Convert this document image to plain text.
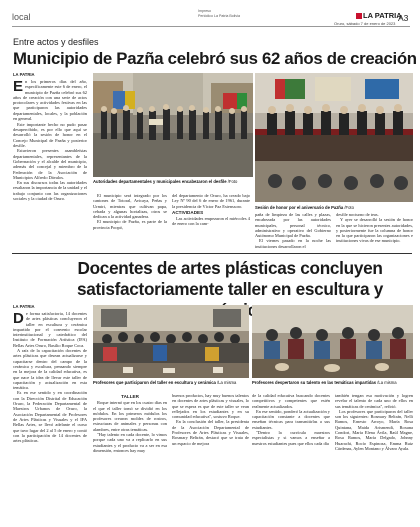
local
Impreso
Periódico La Patria Bolivia	LA PATRIA
A3
Oruro, sábado 7 de enero de 2023
Entre actos y desfiles
Municipio de Pazña celebró sus 62 años de creación
LA PATRIA
En los primeros días del año, específicamente este 6 de enero, el municipio de Pazña celebró sus 62 años de creación con una serie de actos protocolares y actividades festivas en las que participaron las autoridades departamentales, locales, y la población en general.
Este importante hecho no pudo pasar desapercibido, es por ello que aquí se desarrolló la sesión de honor en el Concejo Municipal de Pazña y posterior desfile.
Estuvieron presentes asambleístas departamentales, representantes de la Gobernación y el alcalde del municipio, además del concejal y miembro de la Federación de la Asociación de Municipios Alfredo Dávalos.
En sus discursos todas las autoridades resaltaron la importancia de la unidad y el trabajo conjunto con las organizaciones sociales y la ciudad de Oruro.
Autoridades departamentales y municipales encabezaron el desfile /Foto
Sesión de honor por el aniversario de Pazña /Foto
El municipio será integrado por los cantones de Totoral, Avicaya, Peñas y Urmiri, mientras que cultivan papa, cebada y algunas hortalizas, otros se dedican a la actividad ganadera.
El municipio de Pazña, es parte de la provincia Poopó,
del departamento de Oruro, ha creado bajo Ley Nº 90 del 6 de enero de 1961, durante la presidencia de Víctor Paz Estenssoro.
ACTIVIDADES
Las actividades empezaron el miércoles 4 de enero con la cam-
paña de limpieza de las calles y plazas, encabezada por las autoridades municipales, personal técnico, administrativo y operativo del Gobierno Autónomo Municipal de Pazña.
El viernes pasado en la noche las instituciones desarrollaron el
desfile nocturno de teas.
Y ayer se desarrolló la sesión de honor en la que se hicieron presentes autoridades, y posteriormente fue la columna de honor en la que participaron las organizaciones e instituciones vivas de ese municipio.
Docentes de artes plásticas concluyen
satisfactoriamente taller en escultura y
LA PATRIA
De forma satisfactoria, 14 docentes de artes plásticas concluyeron el taller en escultura y cerámica impartido por el convenio escolar interinstitucional y catedrático del Instituto de Formación Artística (IFA) Bellas Artes Oruro, Basilio Roque Coca.
A raíz de la capacitación docentes de artes plásticas que desean actualizarse y capacitarse dentro del campo de la cerámica y escultura, pensando siempre en la mejora de la calidad educativa, es que nace la idea de llevar este taller de capacitación y actualización en esta temática.
Es en ese sentido y en coordinación con la Dirección Distrital de Educación Oruro, la Federación Departamental de Maestros Urbanos de Oruro, la Asociación Departamental de Profesores de Artes Plásticas y Visuales y el IFA Bellas Artes, se llevó adelante el curso que tuvo lugar del 2 al 5 de enero y contó con la participación de 14 docentes de artes plásticas.
Profesores que participaron del taller en escultura y cerámica /La misma	Profesores despertaron su talento en las temáticas impartidas /La misma
TALLER
Roque internó que en los cuatro días en el que el taller tomó se dividió en los módulos. En los primeros módulos los profesores crearon moldes de rostros, estructuras de animales y personas con alambres, entre otras temáticas.
"Hay talento en cada docente, lo vimos porque cada uno va a replicarlo en sus estudiantes y el producto va a ser en esa dimensión, entonces hay muy
buenos productos, hay muy buenos talentos en docentes de artes plásticas y visuales, lo que se espera es que de este taller se vean reflejados en los estudiantes y en su comunidad educativa", sostuvo Roque.
En la conclusión del taller, la presidenta de la Asociación Departamental de Profesores de Artes Plásticas y Visuales, Rosmary Beltrán, destacó que se trata de un espacio de mejora
de la calidad educativa buscando docentes competitivos y competentes que estén realmente actualizados.
En ese sentido, ponderó la actualización y capacitación constante a docentes que enseñan técnicas para transmitirlas a sus estudiantes.
"Dentro la currícula maestros especialistas y si vamos a enseñar a nuestros estudiantes pues que ellos cada día
también tengan esa motivación y logren revelar el talento de cada uno de ellos en sus temáticas de cerámica", refirió.
Los profesores que participaron del taller son los siguientes: Rosmary Beltrán, Nelli Ramos, Ernesto Arroyo, María Rosa Quintana, Maida Arismendi, Roxana Condori, María Elena Ávila, Raúl Magne, Rosa Ramos, María Delgado, Johnny Huarachi, Rocío Espinoza, Emma Ruiz Cárdenas, Aylen Montano y Álvaro Ayala.
